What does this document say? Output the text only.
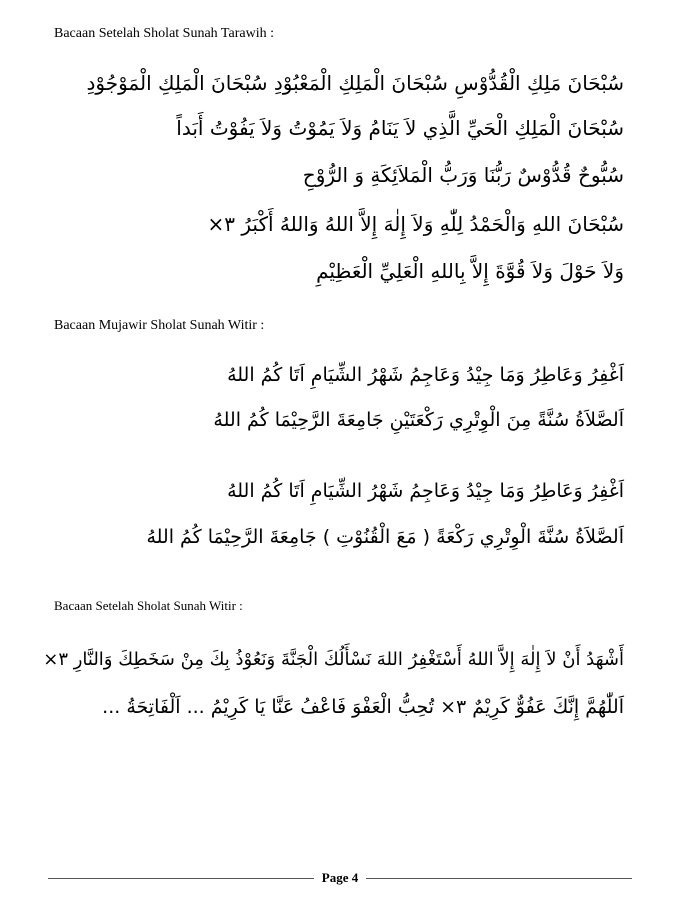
Bacaan Setelah Sholat Sunah Tarawih :
سُبْحَانَ مَلِكِ الْقُدُّوْسِ سُبْحَانَ الْمَلِكِ الْمَعْبُوْدِ سُبْحَانَ الْمَلِكِ الْمَوْجُوْدِ
سُبْحَانَ الْمَلِكِ الْحَيِّ الَّذِي لاَ يَنَامُ وَلاَ يَمُوْتُ وَلاَ يَفُوْتُ أَبَداً
سُبُّوحٌ قُدُّوْسٌ رَبُّنَا وَرَبُّ الْمَلاَئِكَةِ وَ الرُّوْحِ
سُبْحَانَ اللهِ وَالْحَمْدُ لِلّٰهِ وَلاَ إِلٰهَ إِلاَّ اللهُ وَاللهُ أَكْبَرُ ٣×
وَلاَ حَوْلَ وَلاَ قُوَّةَ إِلاَّ بِاللهِ الْعَلِيِّ الْعَظِيْمِ
Bacaan Mujawir Sholat Sunah Witir :
اَغْفِرُ وَعَاطِرُ وَمَا جِيْدُ وَعَاجِمُ شَهْرُ الشِّيَامِ اَتَا كُمُ اللهُ
اَلصَّلاَةُ سُنَّةً مِنَ الْوِتْرِي رَكْعَتَيْنِ جَامِعَةَ الرَّحِيْمَا كُمُ اللهُ
اَغْفِرُ وَعَاطِرُ وَمَا جِيْدُ وَعَاجِمُ شَهْرُ الشِّيَامِ اَتَا كُمُ اللهُ
اَلصَّلاَةُ سُنَّةَ الْوِتْرِي رَكْعَةً ( مَعَ الْقُنُوْتِ ) جَامِعَةَ الرَّحِيْمَا كُمُ اللهُ
Bacaan Setelah Sholat Sunah Witir :
أَشْهَدُ أَنْ لاَ إِلٰهَ إِلاَّ اللهُ أَسْتَغْفِرُ اللهَ نَسْأَلُكَ الْجَنَّةَ وَنَعُوْذُ بِكَ مِنْ سَخَطِكَ وَالنَّارِ ٣×
اَللّٰهُمَّ إِنَّكَ عَفُوٌّ كَرِيْمٌ ٣× تُحِبُّ الْعَفْوَ فَاعْفُ عَنَّا يَا كَرِيْمُ ... اَلْفَاتِحَةُ ...
Page 4
